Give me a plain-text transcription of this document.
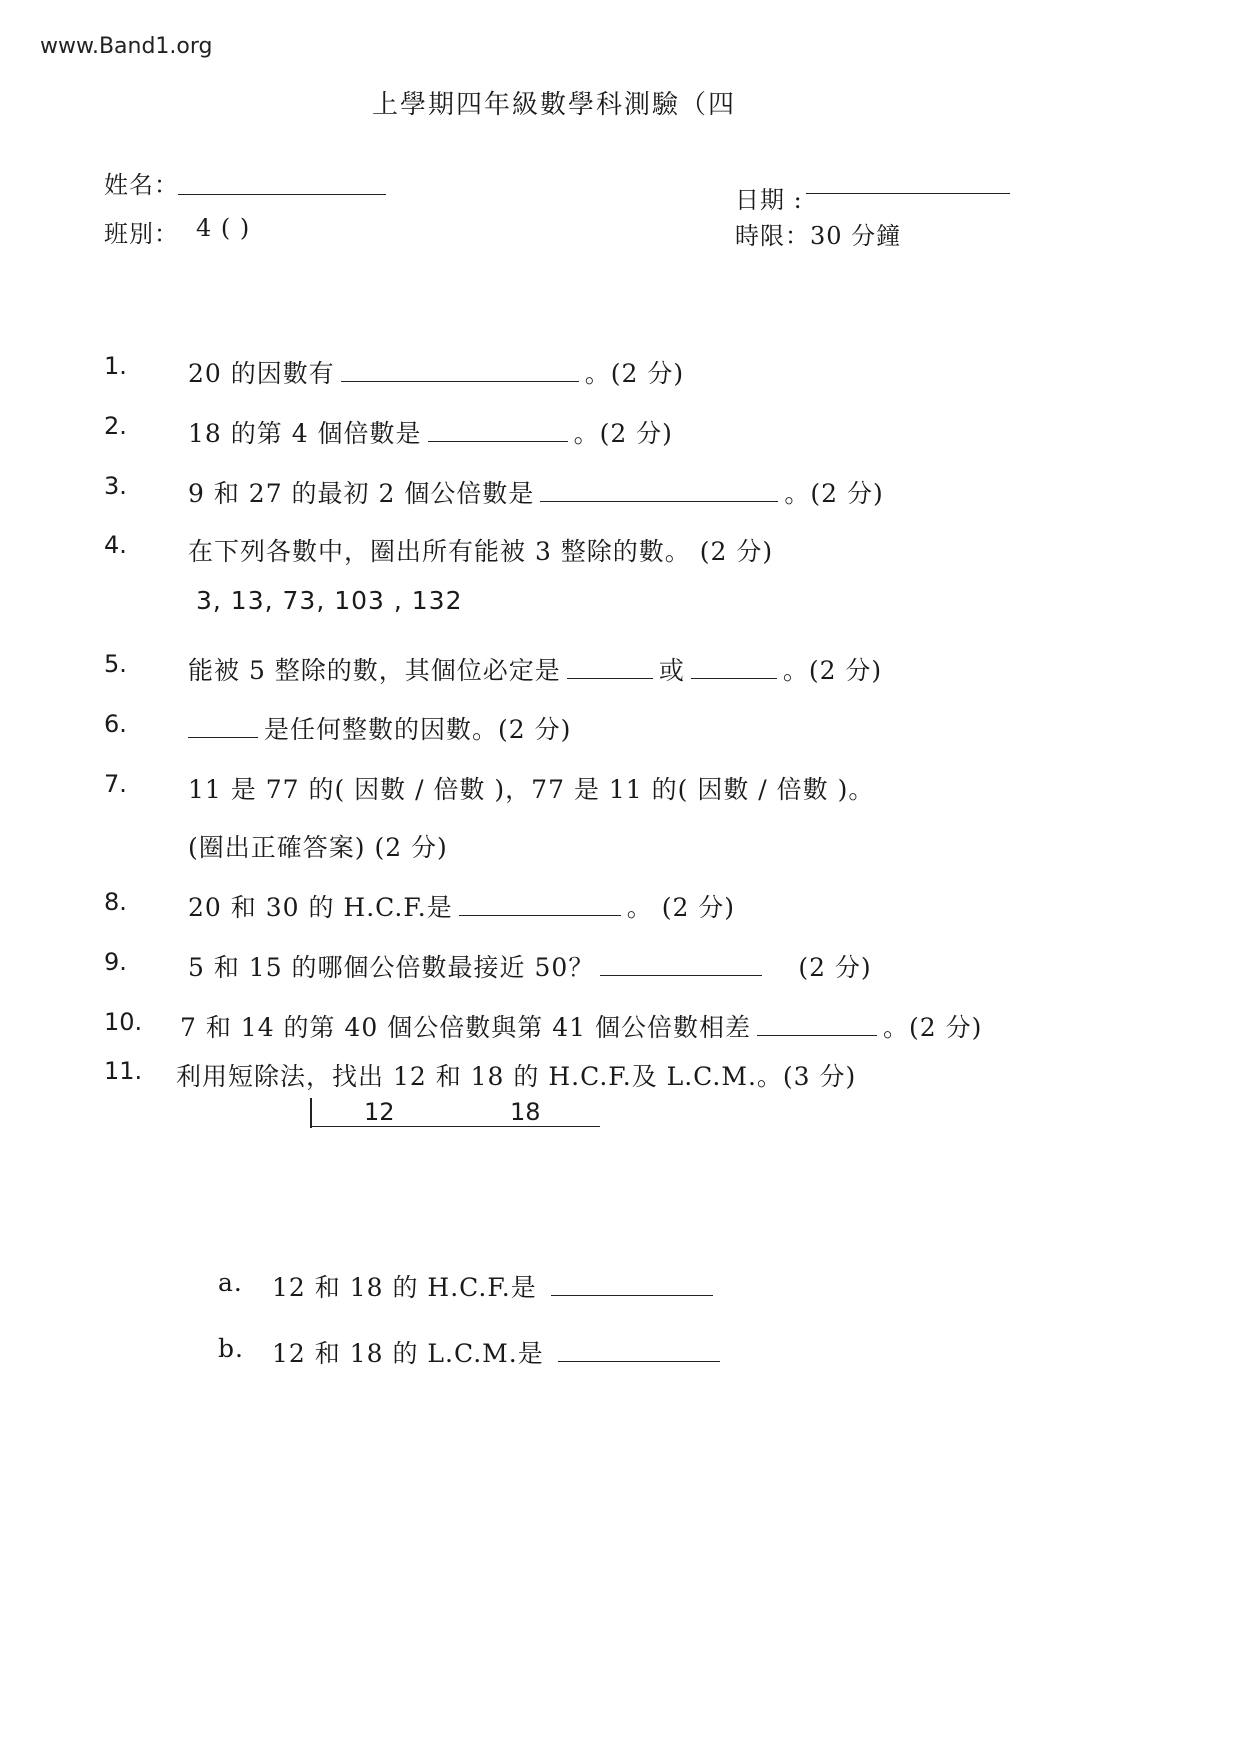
www.Band1.org
上學期四年級數學科測驗（四
姓名：
日期 :
班別： 4 ( )	時限：30 分鐘
1. 20 的因數有	。(2 分)
2. 18 的第 4 個倍數是	。(2 分)
3. 9 和 27 的最初 2 個公倍數是	。(2 分)
4. 在下列各數中，圈出所有能被 3 整除的數。 (2 分)
3, 13, 73, 103 , 132
5. 能被 5 整除的數，其個位必定是	或	。(2 分)
6.	是任何整數的因數。(2 分)
7. 11 是 77 的( 因數 / 倍數 )，77 是 11 的( 因數 / 倍數 )。
(圈出正確答案) (2 分)
8. 20 和 30 的 H.C.F.是	。 (2 分)
9. 5 和 15 的哪個公倍數最接近 50？	(2 分)
10. 7 和 14 的第 40 個公倍數與第 41 個公倍數相差	。(2 分)
11. 利用短除法，找出 12 和 18 的 H.C.F.及 L.C.M.。(3 分)
12	18
a. 12 和 18 的 H.C.F.是
b. 12 和 18 的 L.C.M.是
